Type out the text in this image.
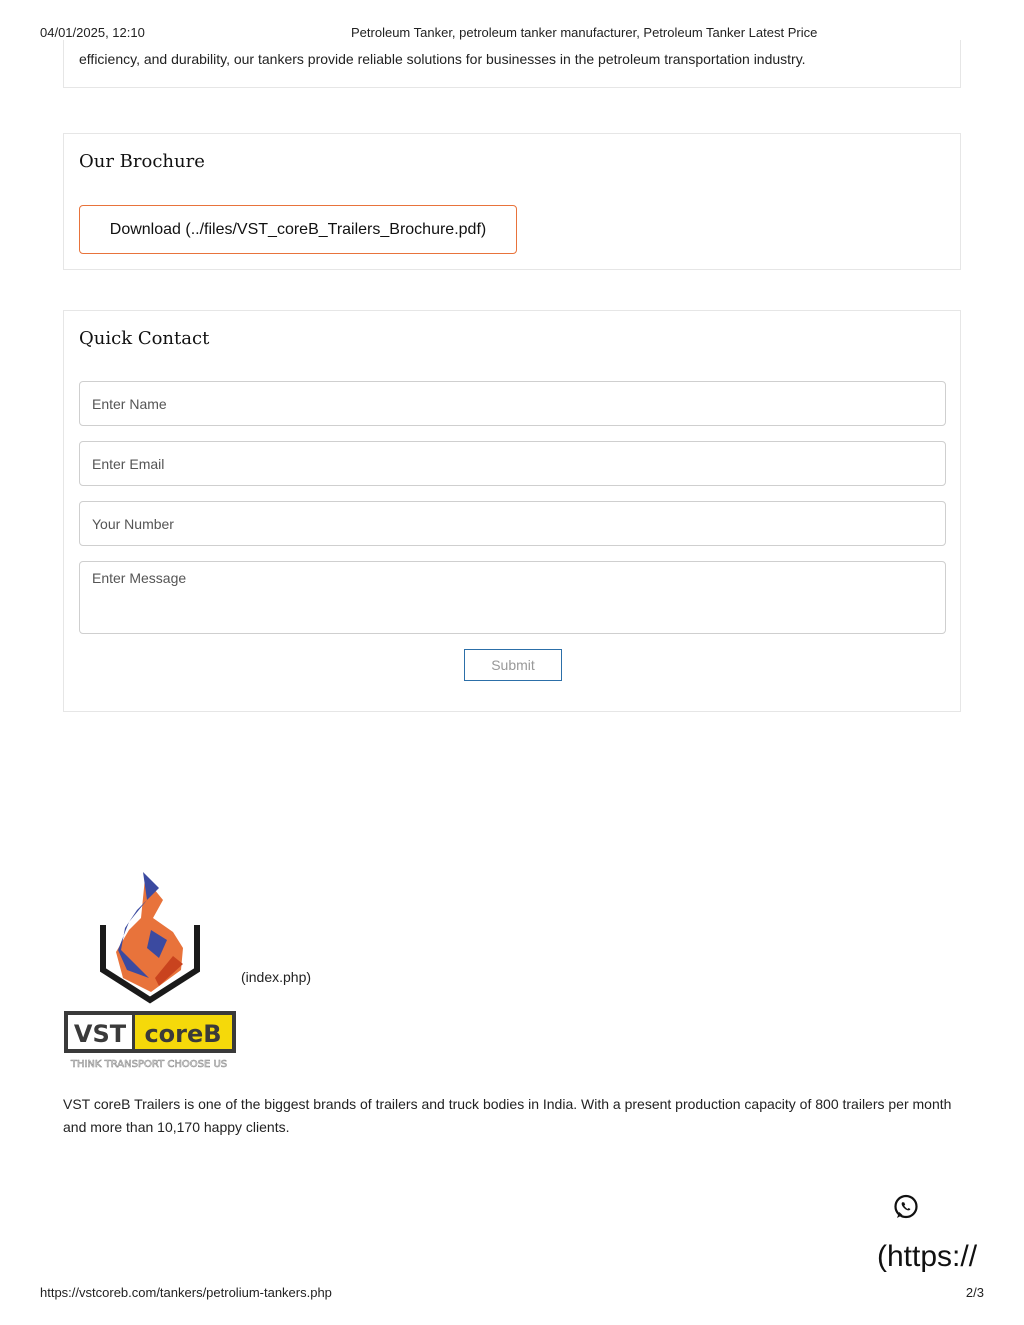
04/01/2025, 12:10	Petroleum Tanker, petroleum tanker manufacturer, Petroleum Tanker Latest Price

efficiency, and durability, our tankers provide reliable solutions for businesses in the petroleum transportation industry.

Our Brochure
Download (../files/VST_coreB_Trailers_Brochure.pdf)
Quick Contact
Enter Name
Enter Email
Your Number
Enter Message
Submit
VST coreB
THINK TRANSPORT CHOOSE US
(index.php)

VST coreB Trailers is one of the biggest brands of trailers and truck bodies in India. With a present production capacity of 800 trailers per month and more than 10,170 happy clients.

(https://
https://vstcoreb.com/tankers/petrolium-tankers.php	2/3
